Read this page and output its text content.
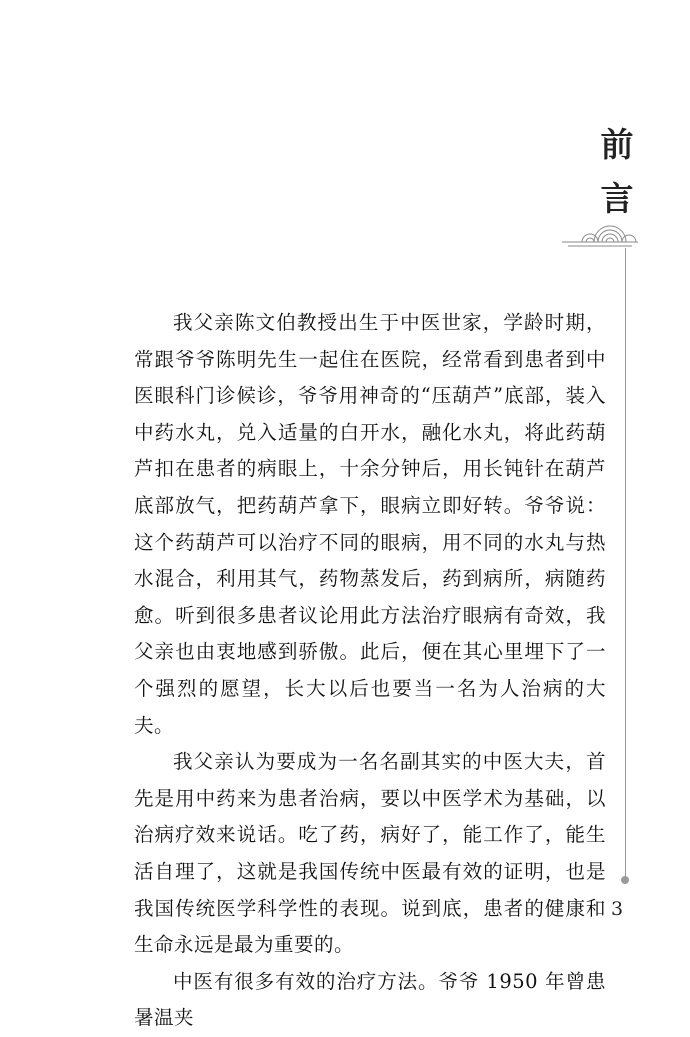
前
言

我父亲陈文伯教授出生于中医世家，学龄时期，常跟爷爷陈明先生一起住在医院，经常看到患者到中医眼科门诊候诊，爷爷用神奇的“压葫芦”底部，装入中药水丸，兑入适量的白开水，融化水丸，将此药葫芦扣在患者的病眼上，十余分钟后，用长钝针在葫芦底部放气，把药葫芦拿下，眼病立即好转。爷爷说：这个药葫芦可以治疗不同的眼病，用不同的水丸与热水混合，利用其气，药物蒸发后，药到病所，病随药愈。听到很多患者议论用此方法治疗眼病有奇效，我父亲也由衷地感到骄傲。此后，便在其心里埋下了一个强烈的愿望，长大以后也要当一名为人治病的大夫。

我父亲认为要成为一名名副其实的中医大夫，首先是用中药来为患者治病，要以中医学术为基础，以治病疗效来说话。吃了药，病好了，能工作了，能生活自理了，这就是我国传统中医最有效的证明，也是我国传统医学科学性的表现。说到底，患者的健康和生命永远是最为重要的。

中医有很多有效的治疗方法。爷爷 1950 年曾患暑温夹

3
